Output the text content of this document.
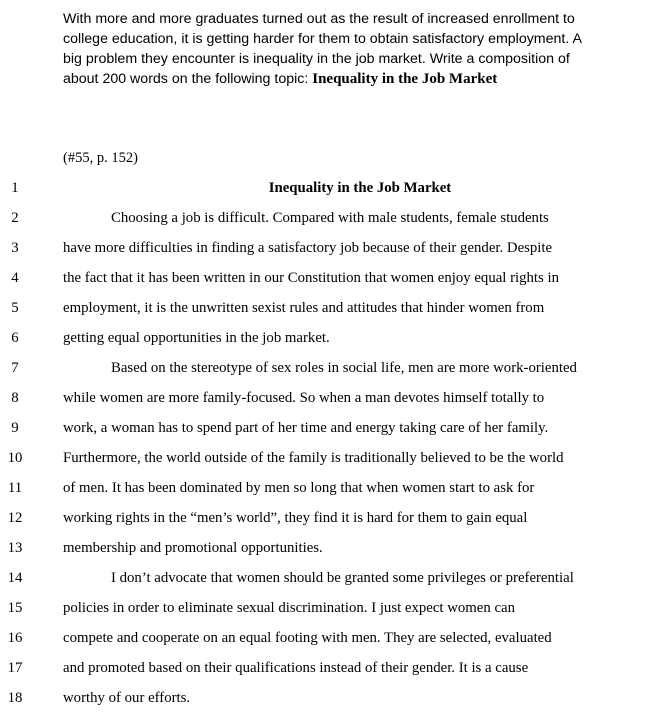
With more and more graduates turned out as the result of increased enrollment to
college education, it is getting harder for them to obtain satisfactory employment. A
big problem they encounter is inequality in the job market. Write a composition of
about 200 words on the following topic: Inequality in the Job Market

(#55, p. 152)
1	Inequality in the Job Market
2	Choosing a job is difficult. Compared with male students, female students
3	have more difficulties in finding a satisfactory job because of their gender. Despite
4	the fact that it has been written in our Constitution that women enjoy equal rights in
5	employment, it is the unwritten sexist rules and attitudes that hinder women from
6	getting equal opportunities in the job market.
7	Based on the stereotype of sex roles in social life, men are more work-oriented
8	while women are more family-focused. So when a man devotes himself totally to
9	work, a woman has to spend part of her time and energy taking care of her family.
10	Furthermore, the world outside of the family is traditionally believed to be the world
11	of men. It has been dominated by men so long that when women start to ask for
12	working rights in the “men’s world”, they find it is hard for them to gain equal
13	membership and promotional opportunities.
14	I don’t advocate that women should be granted some privileges or preferential
15	policies in order to eliminate sexual discrimination. I just expect women can
16	compete and cooperate on an equal footing with men. They are selected, evaluated
17	and promoted based on their qualifications instead of their gender. It is a cause
18	worthy of our efforts.
